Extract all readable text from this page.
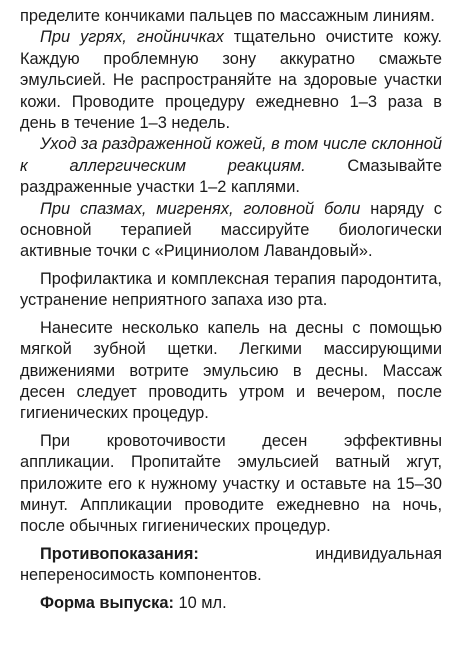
пределите кончиками пальцев по массажным линиям.

При угрях, гнойничках тщательно очистите кожу. Каждую проблемную зону аккуратно смажьте эмульсией. Не распространяйте на здоровые участки кожи. Проводите процедуру ежедневно 1–3 раза в день в течение 1–3 недель.

Уход за раздраженной кожей, в том числе склонной к аллергическим реакциям. Смазывайте раздраженные участки 1–2 каплями.

При спазмах, мигренях, головной боли наряду с основной терапией массируйте биологически активные точки с «Рициниолом Лавандовый».

Профилактика и комплексная терапия пародонтита, устранение неприятного запаха изо рта.

Нанесите несколько капель на десны с помощью мягкой зубной щетки. Легкими массирующими движениями вотрите эмульсию в десны. Массаж десен следует проводить утром и вечером, после гигиенических процедур.

При кровоточивости десен эффективны аппликации. Пропитайте эмульсией ватный жгут, приложите его к нужному участку и оставьте на 15–30 минут. Аппликации проводите ежедневно на ночь, после обычных гигиенических процедур.

Противопоказания: индивидуальная непереносимость компонентов.

Форма выпуска: 10 мл.
